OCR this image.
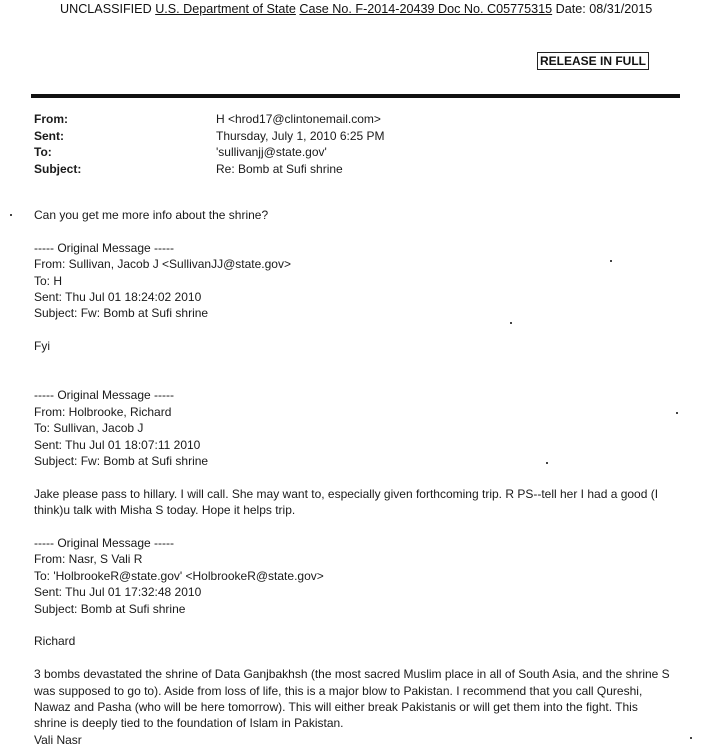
UNCLASSIFIED U.S. Department of State Case No. F-2014-20439 Doc No. C05775315 Date: 08/31/2015
RELEASE IN FULL
From:	H <hrod17@clintonemail.com>
Sent:	Thursday, July 1, 2010 6:25 PM
To:	'sullivanjj@state.gov'
Subject:	Re: Bomb at Sufi shrine
Can you get me more info about the shrine?
----- Original Message -----
From: Sullivan, Jacob J <SullivanJJ@state.gov>
To: H
Sent: Thu Jul 01 18:24:02 2010
Subject: Fw: Bomb at Sufi shrine
Fyi
----- Original Message -----
From: Holbrooke, Richard
To: Sullivan, Jacob J
Sent: Thu Jul 01 18:07:11 2010
Subject: Fw: Bomb at Sufi shrine
Jake please pass to hillary. I will call. She may want to, especially given forthcoming trip. R PS--tell her I had a good (I
think)u talk with Misha S today. Hope it helps trip.
----- Original Message -----
From: Nasr, S Vali R
To: 'HolbrookeR@state.gov' <HolbrookeR@state.gov>
Sent: Thu Jul 01 17:32:48 2010
Subject: Bomb at Sufi shrine
Richard
3 bombs devastated the shrine of Data Ganjbakhsh (the most sacred Muslim place in all of South Asia, and the shrine S
was supposed to go to). Aside from loss of life, this is a major blow to Pakistan. I recommend that you call Qureshi,
Nawaz and Pasha (who will be here tomorrow). This will either break Pakistanis or will get them into the fight. This
shrine is deeply tied to the foundation of Islam in Pakistan.
Vali Nasr
